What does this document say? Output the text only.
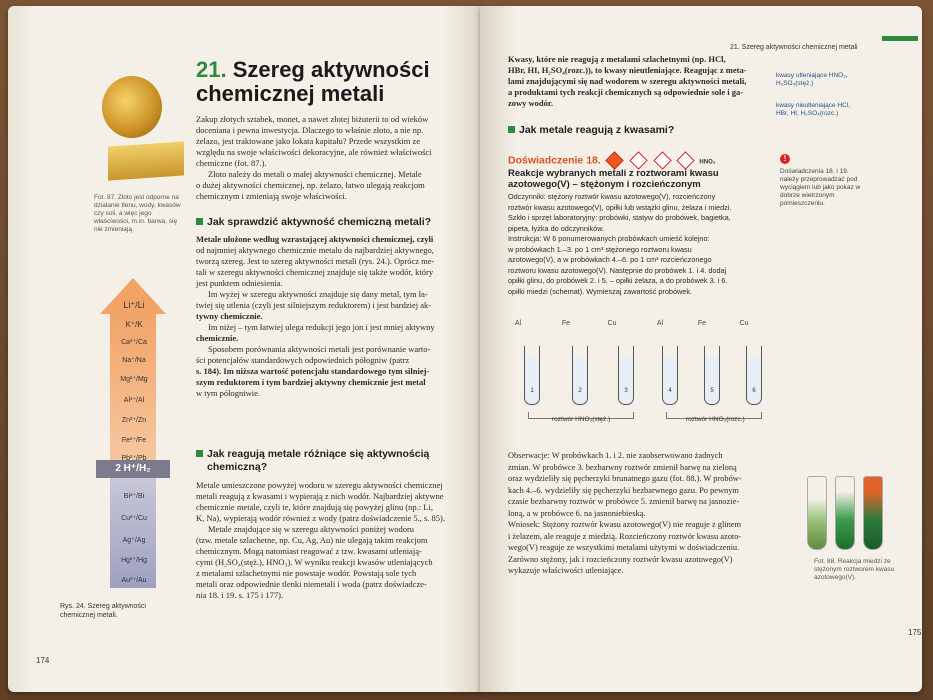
Fot. 87. Złoto jest odporne na działanie tlenu, wody, kwasów czy soli, a więc jego właściwości, m.in. barwa, się nie zmieniają.
21. Szereg aktywności
chemicznej metali
Zakup złotych sztabek, monet, a nawet złotej biżuterii to od wieków
doceniana i pewna inwestycja. Dlaczego to właśnie złoto, a nie np.
żelazo, jest traktowane jako lokata kapitału? Przede wszystkim ze
względu na swoje właściwości dekoracyjne, ale również właściwości
chemiczne (fot. 87.).
Złoto należy do metali o małej aktywności chemicznej. Metale
o dużej aktywności chemicznej, np. żelazo, łatwo ulegają reakcjom
chemicznym i zmieniają swoje właściwości.
Jak sprawdzić aktywność chemiczną metali?
Metale ułożone według wzrastającej aktywności chemicznej, czyli
od najmniej aktywnego chemicznie metalu do najbardziej aktywnego,
tworzą szereg. Jest to szereg aktywności metali (rys. 24.). Oprócz me-
tali w szeregu aktywności chemicznej znajduje się także wodór, który
jest punktem odniesienia.
Im wyżej w szeregu aktywności znajduje się dany metal, tym ła-
twiej się utlenia (czyli jest silniejszym reduktorem) i jest bardziej ak-
tywny chemicznie.
Im niżej – tym łatwiej ulega redukcji jego jon i jest mniej aktywny
chemicznie.
Sposobem porównania aktywności metali jest porównanie warto-
ści potencjałów standardowych odpowiednich półogniw (patrz
s. 184). Im niższa wartość potencjału standardowego tym silniej-
szym reduktorem i tym bardziej aktywny chemicznie jest metal
w tym półogniwie.
Jak reagują metale różniące się aktywnością
chemiczną?
Metale umieszczone powyżej wodoru w szeregu aktywności chemicznej
metali reagują z kwasami i wypierają z nich wodór. Najbardziej aktywne
chemicznie metale, czyli te, które znajdują się powyżej glinu (np.: Li,
K, Na), wypierają wodór również z wody (patrz doświadczenie 5., s. 85).
Metale znajdujące się w szeregu aktywności poniżej wodoru
(tzw. metale szlachetne, np. Cu, Ag, Au) nie ulegają takim reakcjom
chemicznym. Mogą natomiast reagować z tzw. kwasami utleniają-
cymi (H₂SO₄(stęż.), HNO₃). W wyniku reakcji kwasów utleniających
z metalami szlachetnymi nie powstaje wodór. Powstają sole tych
metali oraz odpowiednie tlenki niemetali i woda (patrz doświadcze-
nia 18. i 19. s. 175 i 177).
2 H⁺/H₂
Li⁺/Li
K⁺/K
Ca²⁺/Ca
Na⁺/Na
Mg²⁺/Mg
Al³⁺/Al
Zn²⁺/Zn
Fe²⁺/Fe
Pb²⁺/Pb
Bi³⁺/Bi
Cu²⁺/Cu
Ag⁺/Ag
Hg²⁺/Hg
Au³⁺/Au
Rys. 24. Szereg aktywności chemicznej metali.
174
21. Szereg aktywności chemicznej metali
Kwasy, które nie reagują z metalami szlachetnymi (np. HCl,
HBr, HI, H₂SO₄(rozc.)), to kwasy nieutleniające. Reagując z meta-
lami znajdującymi się nad wodorem w szeregu aktywności metali,
a produktami tych reakcji chemicznych są odpowiednie sole i ga-
zowy wodór.
kwasy utleniające HNO₃, H₂SO₄(stęż.)
kwasy nieutleniające HCl, HBr, HI, H₂SO₄(rozc.)
Jak metale reagują z kwasami?
Doświadczenie 18.	HNO₃
Reakcje wybranych metali z roztworami kwasu
azotowego(V) – stężonym i rozcieńczonym
Odczynniki: stężony roztwór kwasu azotowego(V), rozcieńczony
roztwór kwasu azotowego(V), opiłki lub wstążki glinu, żelaza i miedzi.
Szkło i sprzęt laboratoryjny: probówki, statyw do probówek, bagietka,
pipeta, łyżka do odczynników.
Instrukcja: W 6 ponumerowanych probówkach umieść kolejno:
w probówkach 1.–3. po 1 cm³ stężonego roztworu kwasu
azotowego(V), a w probówkach 4.–6. po 1 cm³ rozcieńczonego
roztworu kwasu azotowego(V). Następnie do probówek 1. i 4. dodaj
opiłki glinu, do probówek 2. i 5. – opiłki żelaza, a do probówek 3. i 6.
opiłki miedzi (schemat). Wymieszaj zawartość probówek.
!
Doświadczenia 18. i 19. należy przeprowadzać pod wyciągiem lub jako pokaz w dobrze wietrzonym pomieszczeniu.
Al	Fe	Cu	Al	Fe	Cu
1	2	3	4	5	6
roztwór HNO₃(stęż.)	roztwór HNO₃(rozc.)
Obserwacje: W probówkach 1. i 2. nie zaobserwowano żadnych
zmian. W probówce 3. bezbarwny roztwór zmienił barwę na zieloną
oraz wydzieliły się pęcherzyki brunatnego gazu (fot. 88.). W probów-
kach 4.–6. wydzieliły się pęcherzyki bezbarwnego gazu. Po pewnym
czasie bezbarwny roztwór w probówce 5. zmienił barwę na jasnozie-
loną, a w probówce 6. na jasnoniebieską.
Wniosek: Stężony roztwór kwasu azotowego(V) nie reaguje z glinem
i żelazem, ale reaguje z miedzią. Rozcieńczony roztwór kwasu azoto-
wego(V) reaguje ze wszystkimi metalami użytymi w doświadczeniu.
Zarówno stężony, jak i rozcieńczony roztwór kwasu azotowego(V)
wykazuje właściwości utleniające.
Fot. 88. Reakcja miedzi ze stężonym roztworem kwasu azotowego(V).
175
